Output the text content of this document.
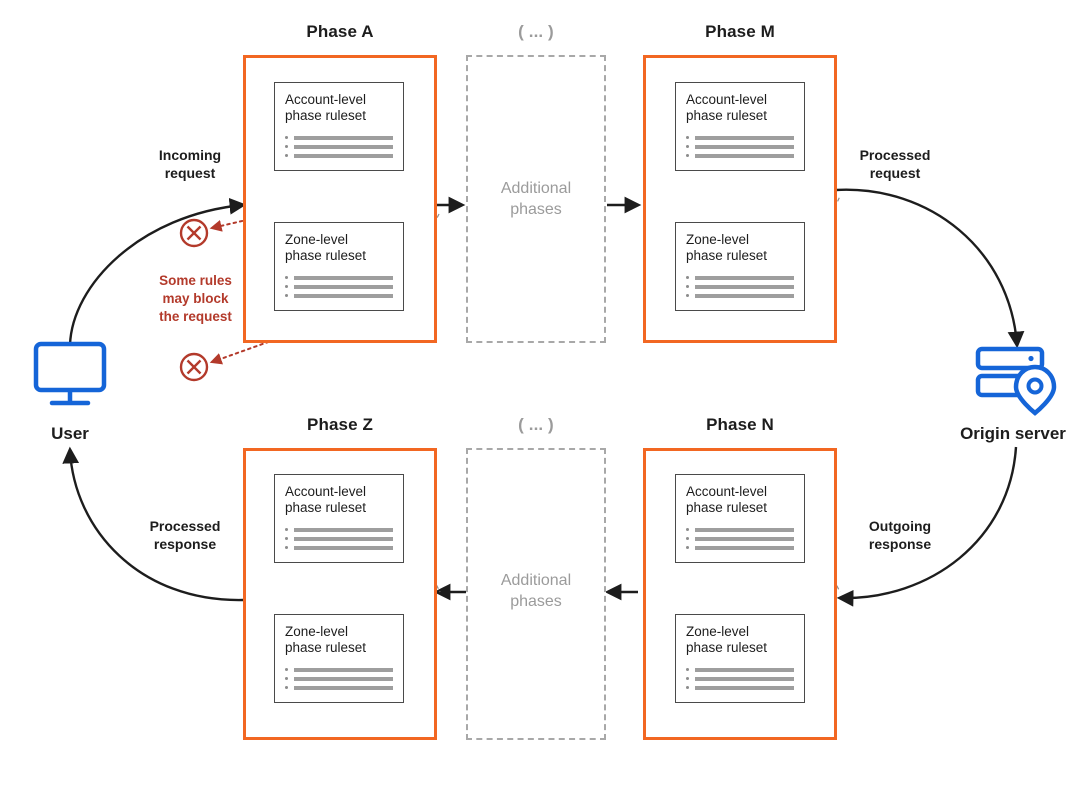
Phase A
Account-level
phase ruleset
Zone-level
phase ruleset
( ... )
Additional
phases
Phase M
Account-level
phase ruleset
Zone-level
phase ruleset
Phase Z
Account-level
phase ruleset
Zone-level
phase ruleset
( ... )
Additional
phases
Phase N
Account-level
phase ruleset
Zone-level
phase ruleset
Incoming
request
Processed
request
Outgoing
response
Processed
response
Some rules
may block
the request
User	Origin server
